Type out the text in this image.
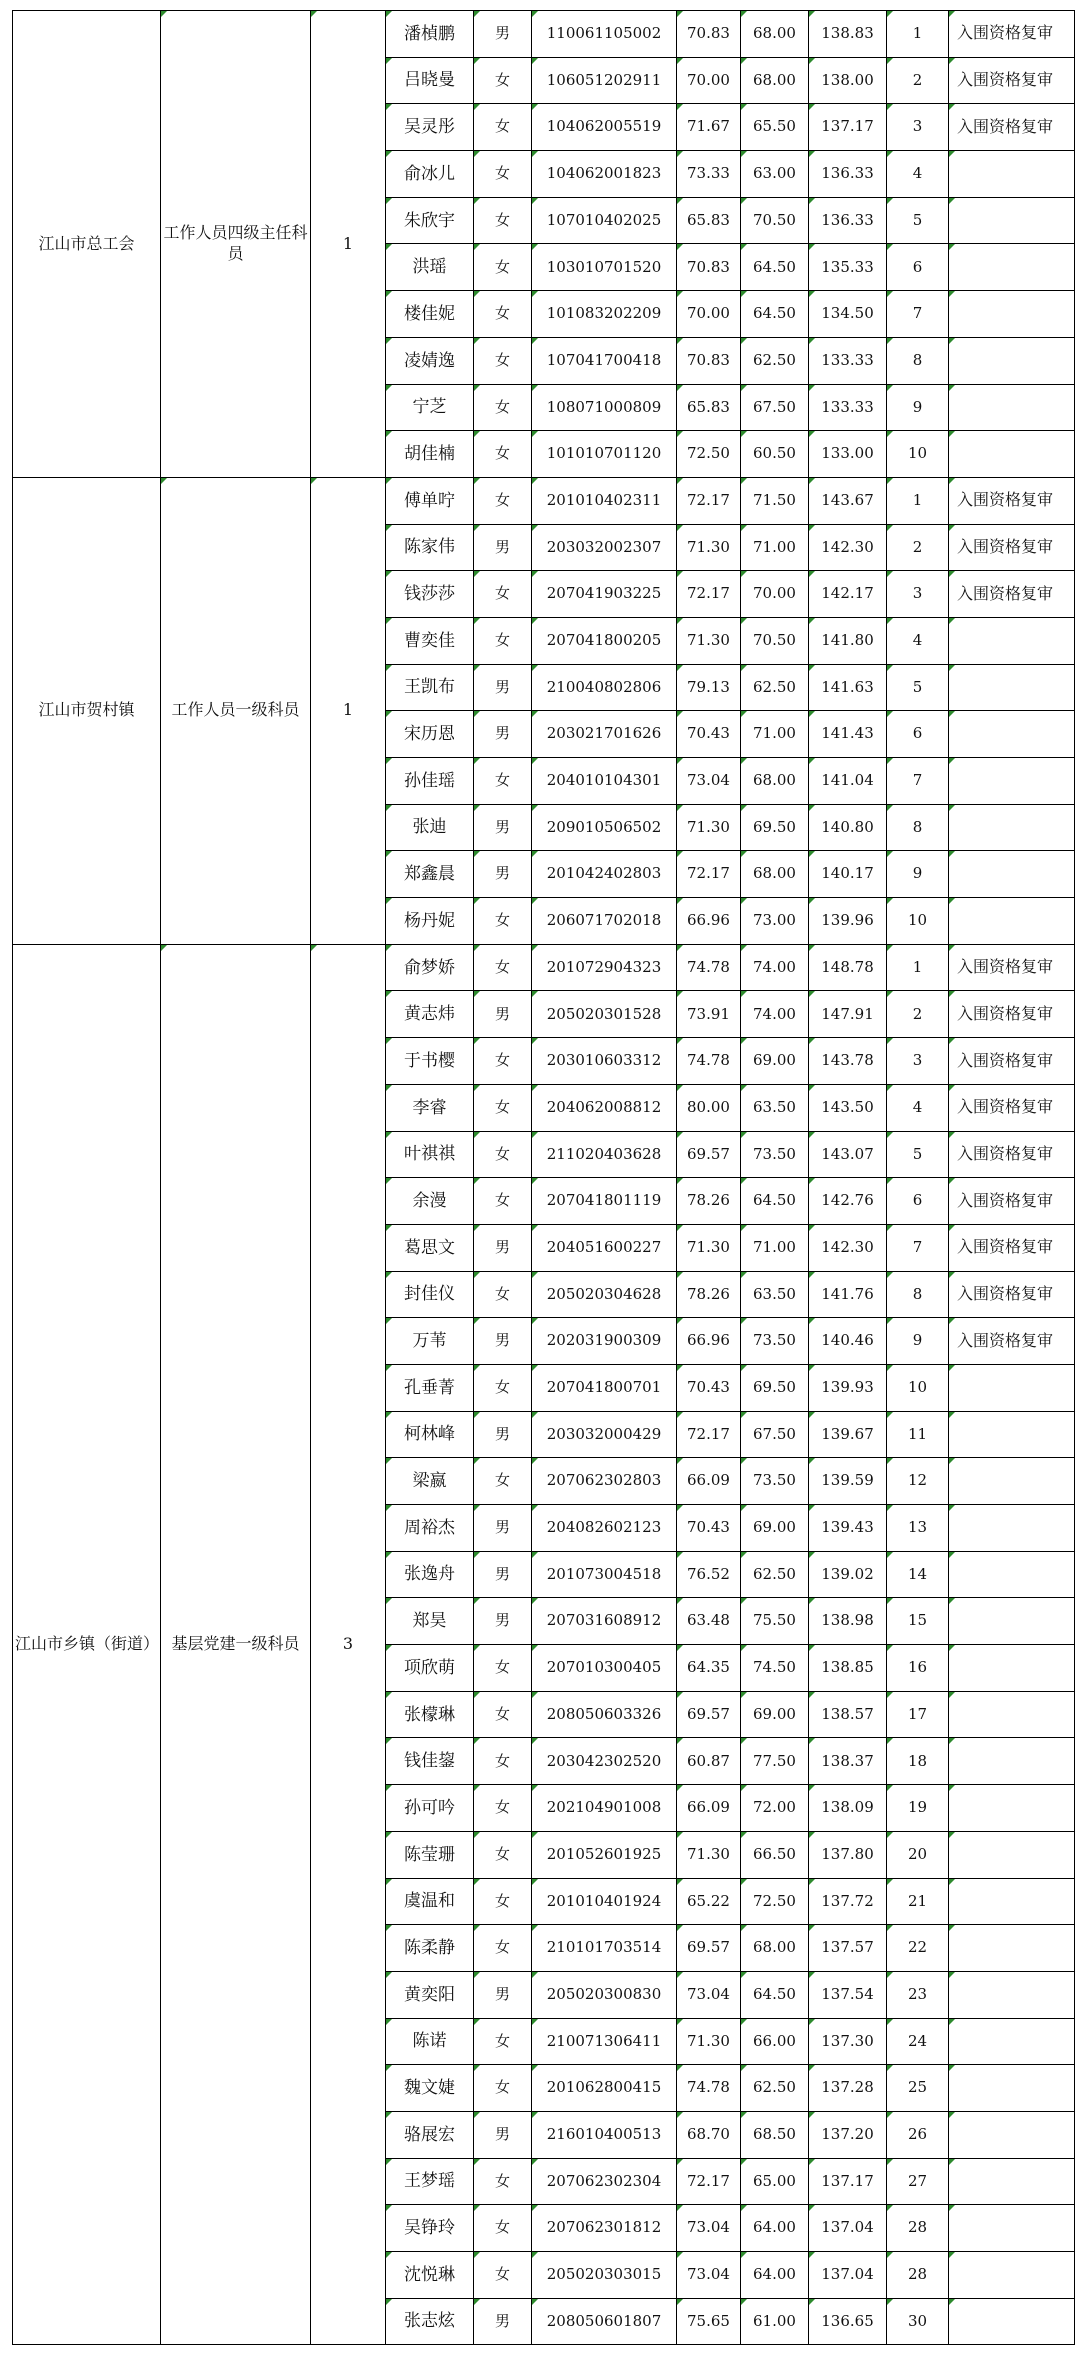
江山市总工会	工作人员四级主任科员	1	潘楨鹏	男	110061105002	70.83	68.00	138.83	1	入围资格复审
			吕晓曼	女	106051202911	70.00	68.00	138.00	2	入围资格复审
			吴灵彤	女	104062005519	71.67	65.50	137.17	3	入围资格复审
			俞冰儿	女	104062001823	73.33	63.00	136.33	4	
			朱欣宇	女	107010402025	65.83	70.50	136.33	5	
			洪瑶	女	103010701520	70.83	64.50	135.33	6	
			楼佳妮	女	101083202209	70.00	64.50	134.50	7	
			凌婧逸	女	107041700418	70.83	62.50	133.33	8	
			宁芝	女	108071000809	65.83	67.50	133.33	9	
			胡佳楠	女	101010701120	72.50	60.50	133.00	10	
江山市贺村镇	工作人员一级科员	1	傅单咛	女	201010402311	72.17	71.50	143.67	1	入围资格复审
			陈家伟	男	203032002307	71.30	71.00	142.30	2	入围资格复审
			钱莎莎	女	207041903225	72.17	70.00	142.17	3	入围资格复审
			曹奕佳	女	207041800205	71.30	70.50	141.80	4	
			王凯布	男	210040802806	79.13	62.50	141.63	5	
			宋历恩	男	203021701626	70.43	71.00	141.43	6	
			孙佳瑶	女	204010104301	73.04	68.00	141.04	7	
			张迪	男	209010506502	71.30	69.50	140.80	8	
			郑鑫晨	男	201042402803	72.17	68.00	140.17	9	
			杨丹妮	女	206071702018	66.96	73.00	139.96	10	
江山市乡镇（街道）	基层党建一级科员	3	俞梦娇	女	201072904323	74.78	74.00	148.78	1	入围资格复审
			黄志炜	男	205020301528	73.91	74.00	147.91	2	入围资格复审
			于书樱	女	203010603312	74.78	69.00	143.78	3	入围资格复审
			李睿	女	204062008812	80.00	63.50	143.50	4	入围资格复审
			叶祺祺	女	211020403628	69.57	73.50	143.07	5	入围资格复审
			余漫	女	207041801119	78.26	64.50	142.76	6	入围资格复审
			葛思文	男	204051600227	71.30	71.00	142.30	7	入围资格复审
			封佳仪	女	205020304628	78.26	63.50	141.76	8	入围资格复审
			万苇	男	202031900309	66.96	73.50	140.46	9	入围资格复审
			孔垂菁	女	207041800701	70.43	69.50	139.93	10	
			柯林峰	男	203032000429	72.17	67.50	139.67	11	
			梁嬴	女	207062302803	66.09	73.50	139.59	12	
			周裕杰	男	204082602123	70.43	69.00	139.43	13	
			张逸舟	男	201073004518	76.52	62.50	139.02	14	
			郑昊	男	207031608912	63.48	75.50	138.98	15	
			项欣萌	女	207010300405	64.35	74.50	138.85	16	
			张檬琳	女	208050603326	69.57	69.00	138.57	17	
			钱佳鋆	女	203042302520	60.87	77.50	138.37	18	
			孙可吟	女	202104901008	66.09	72.00	138.09	19	
			陈莹珊	女	201052601925	71.30	66.50	137.80	20	
			虞温和	女	201010401924	65.22	72.50	137.72	21	
			陈柔静	女	210101703514	69.57	68.00	137.57	22	
			黄奕阳	男	205020300830	73.04	64.50	137.54	23	
			陈诺	女	210071306411	71.30	66.00	137.30	24	
			魏文婕	女	201062800415	74.78	62.50	137.28	25	
			骆展宏	男	216010400513	68.70	68.50	137.20	26	
			王梦瑶	女	207062302304	72.17	65.00	137.17	27	
			吴铮玲	女	207062301812	73.04	64.00	137.04	28	
			沈悦琳	女	205020303015	73.04	64.00	137.04	28	
			张志炫	男	208050601807	75.65	61.00	136.65	30	
